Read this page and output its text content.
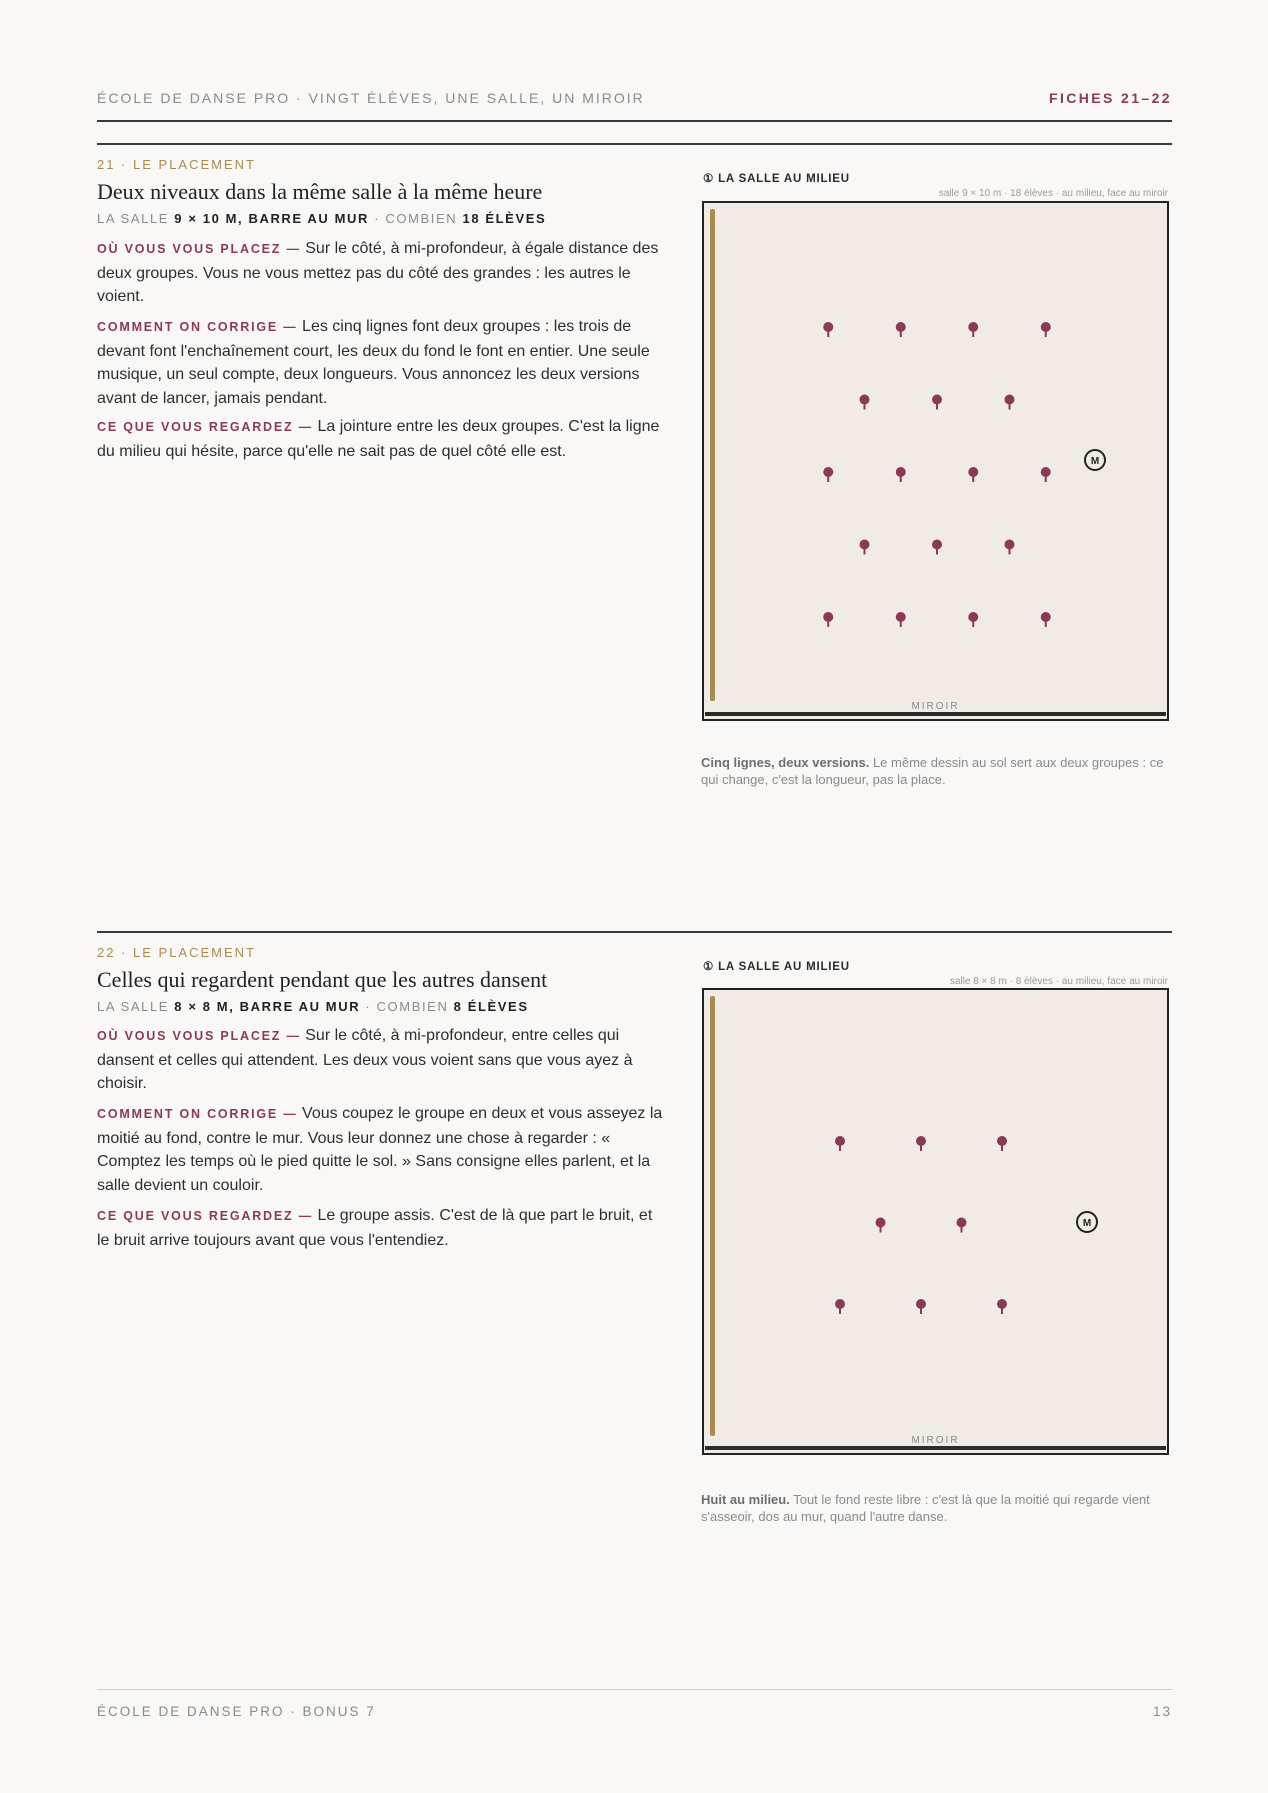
ÉCOLE DE DANSE PRO · VINGT ÉLÈVES, UNE SALLE, UN MIROIR	FICHES 21–22
21 · LE PLACEMENT
Deux niveaux dans la même salle à la même heure
LA SALLE 9 × 10 M, BARRE AU MUR · COMBIEN 18 ÉLÈVES

OÙ VOUS VOUS PLACEZ — Sur le côté, à mi-profondeur, à égale distance des deux groupes. Vous ne vous mettez pas du côté des grandes : les autres le voient.

COMMENT ON CORRIGE — Les cinq lignes font deux groupes : les trois de devant font l'enchaînement court, les deux du fond le font en entier. Une seule musique, un seul compte, deux longueurs. Vous annoncez les deux versions avant de lancer, jamais pendant.

CE QUE VOUS REGARDEZ — La jointure entre les deux groupes. C'est la ligne du milieu qui hésite, parce qu'elle ne sait pas de quel côté elle est.

① LA SALLE AU MILIEU
salle 9 × 10 m · 18 élèves · au milieu, face au miroir
MIROIR
M

Cinq lignes, deux versions. Le même dessin au sol sert aux deux groupes : ce qui change, c'est la longueur, pas la place.

22 · LE PLACEMENT
Celles qui regardent pendant que les autres dansent
LA SALLE 8 × 8 M, BARRE AU MUR · COMBIEN 8 ÉLÈVES

OÙ VOUS VOUS PLACEZ — Sur le côté, à mi-profondeur, entre celles qui dansent et celles qui attendent. Les deux vous voient sans que vous ayez à choisir.

COMMENT ON CORRIGE — Vous coupez le groupe en deux et vous asseyez la moitié au fond, contre le mur. Vous leur donnez une chose à regarder : « Comptez les temps où le pied quitte le sol. » Sans consigne elles parlent, et la salle devient un couloir.

CE QUE VOUS REGARDEZ — Le groupe assis. C'est de là que part le bruit, et le bruit arrive toujours avant que vous l'entendiez.

① LA SALLE AU MILIEU
salle 8 × 8 m · 8 élèves · au milieu, face au miroir
MIROIR
M

Huit au milieu. Tout le fond reste libre : c'est là que la moitié qui regarde vient s'asseoir, dos au mur, quand l'autre danse.

ÉCOLE DE DANSE PRO · BONUS 7	13
